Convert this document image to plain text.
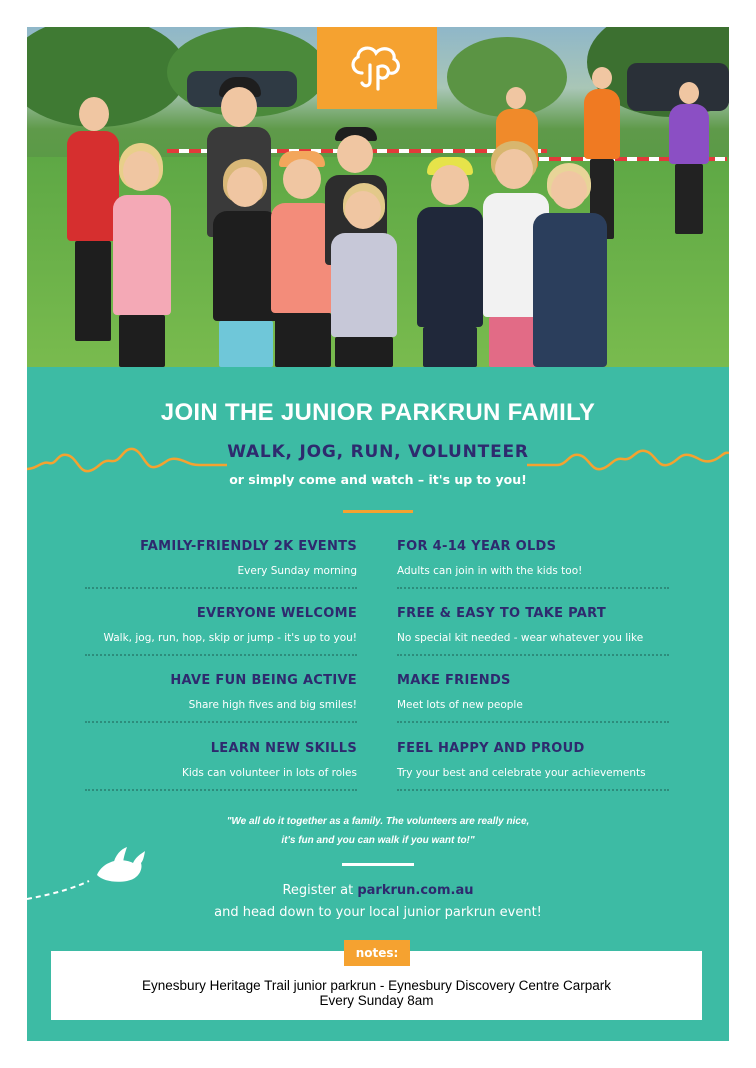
JOIN THE JUNIOR PARKRUN FAMILY
WALK, JOG, RUN, VOLUNTEER
or simply come and watch – it's up to you!
FAMILY-FRIENDLY 2K EVENTS
Every Sunday morning
FOR 4-14 YEAR OLDS
Adults can join in with the kids too!
EVERYONE WELCOME
Walk, jog, run, hop, skip or jump - it's up to you!
FREE & EASY TO TAKE PART
No special kit needed - wear whatever you like
HAVE FUN BEING ACTIVE
Share high fives and big smiles!
MAKE FRIENDS
Meet lots of new people
LEARN NEW SKILLS
Kids can volunteer in lots of roles
FEEL HAPPY AND PROUD
Try your best and celebrate your achievements
"We all do it together as a family. The volunteers are really nice,
it's fun and you can walk if you want to!"
Register at parkrun.com.au
and head down to your local junior parkrun event!
Eynesbury Heritage Trail junior parkrun - Eynesbury Discovery Centre Carpark
Every Sunday 8am
notes:
